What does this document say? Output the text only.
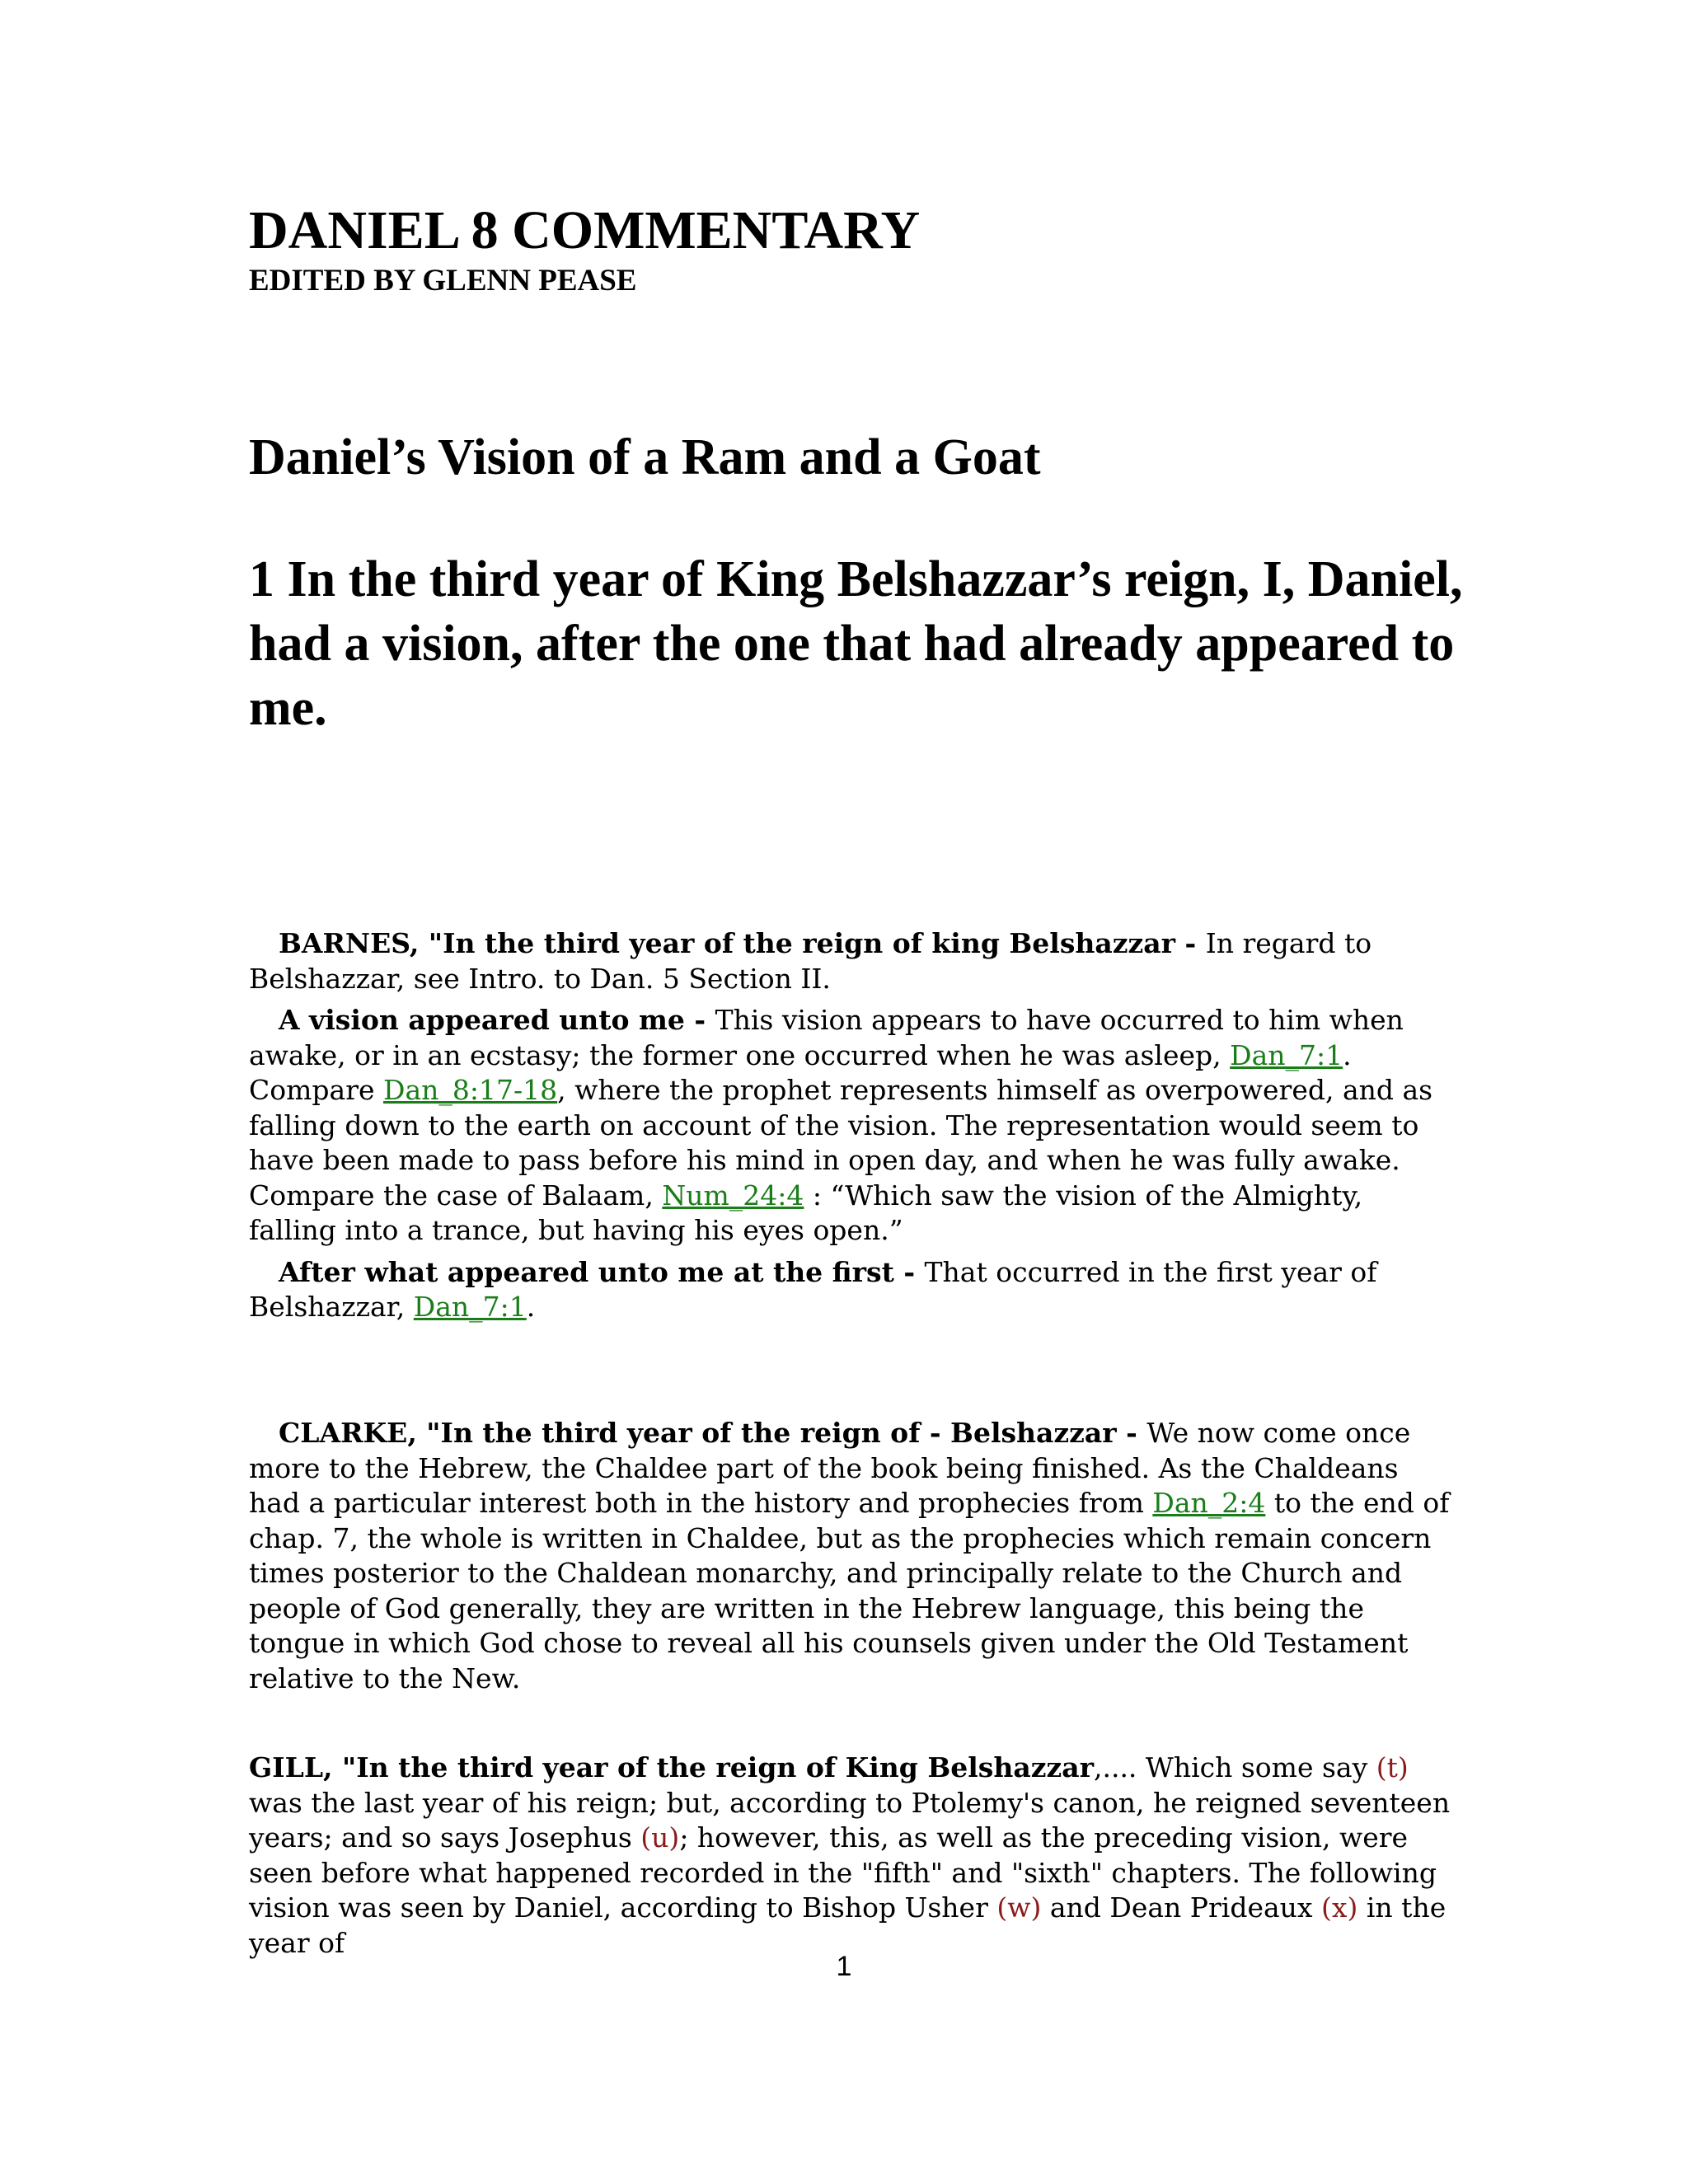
DANIEL 8 COMMENTARY
EDITED BY GLENN PEASE
Daniel’s Vision of a Ram and a Goat
1 In the third year of King Belshazzar’s reign, I, Daniel, had a vision, after the one that had already appeared to me.

BARNES, "In the third year of the reign of king Belshazzar - In regard to Belshazzar, see Intro. to Dan. 5 Section II.

A vision appeared unto me - This vision appears to have occurred to him when awake, or in an ecstasy; the former one occurred when he was asleep, Dan_7:1. Compare Dan_8:17-18, where the prophet represents himself as overpowered, and as falling down to the earth on account of the vision. The representation would seem to have been made to pass before his mind in open day, and when he was fully awake. Compare the case of Balaam, Num_24:4 : “Which saw the vision of the Almighty, falling into a trance, but having his eyes open.”

After what appeared unto me at the first - That occurred in the first year of Belshazzar, Dan_7:1.

CLARKE, "In the third year of the reign of - Belshazzar - We now come once more to the Hebrew, the Chaldee part of the book being finished. As the Chaldeans had a particular interest both in the history and prophecies from Dan_2:4 to the end of chap. 7, the whole is written in Chaldee, but as the prophecies which remain concern times posterior to the Chaldean monarchy, and principally relate to the Church and people of God generally, they are written in the Hebrew language, this being the tongue in which God chose to reveal all his counsels given under the Old Testament relative to the New.

GILL, "In the third year of the reign of King Belshazzar,.... Which some say (t) was the last year of his reign; but, according to Ptolemy's canon, he reigned seventeen years; and so says Josephus (u); however, this, as well as the preceding vision, were seen before what happened recorded in the "fifth" and "sixth" chapters. The following vision was seen by Daniel, according to Bishop Usher (w) and Dean Prideaux (x) in the year of

1
